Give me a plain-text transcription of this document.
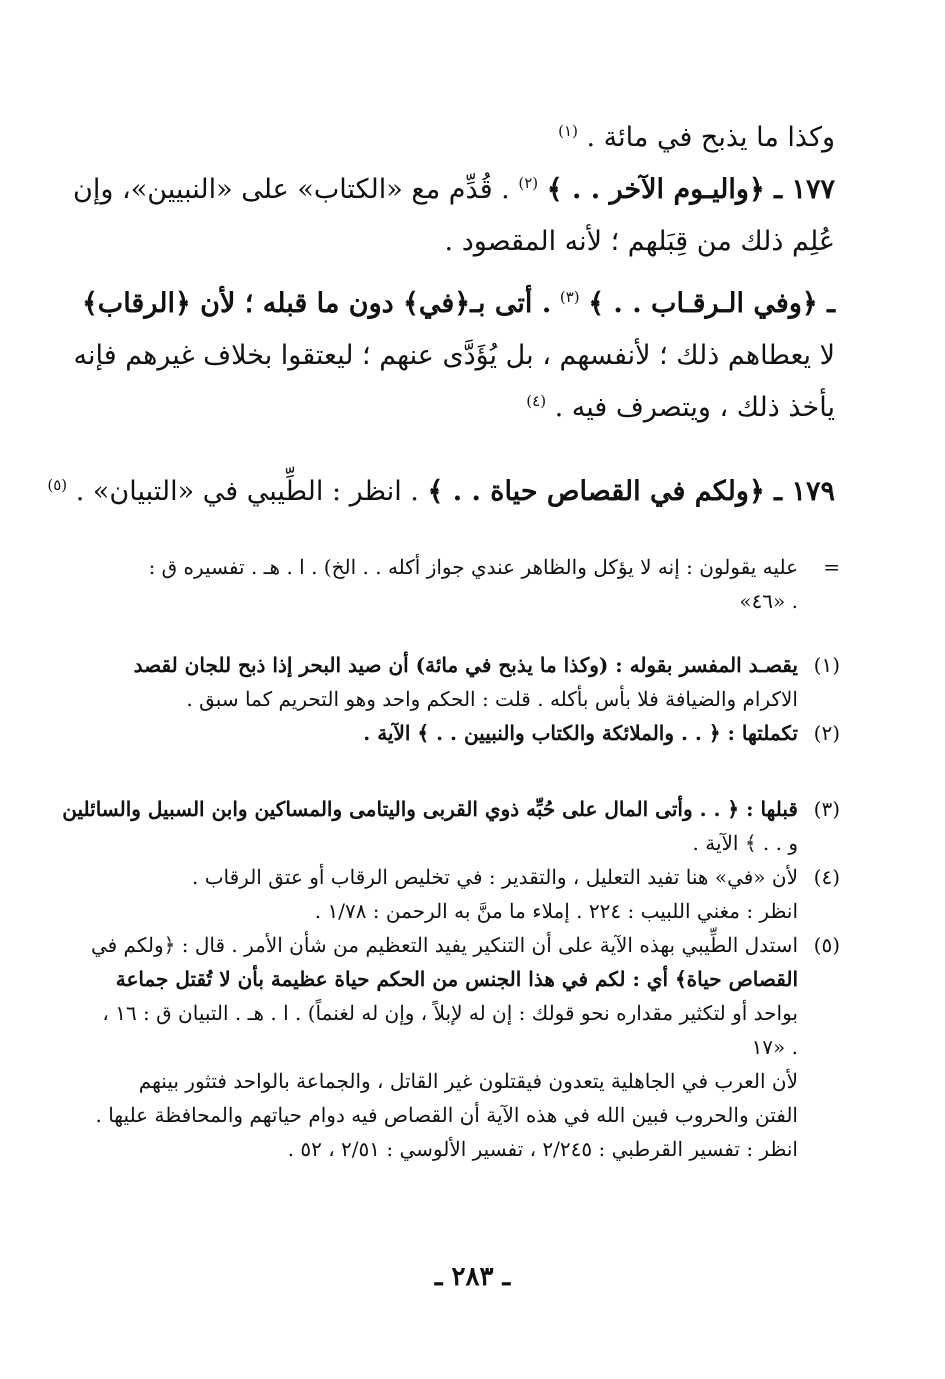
وكذا ما يذبح في مائة . $^{(١)}$
١٧٧ ـ ﴿واليـوم الآخر . . ﴾ $^{(٢)}$ . قُدِّم مع «الكتاب» على «النبيين»، وإن
عُلِم ذلك من قِبَلهم ؛ لأنه المقصود .
ـ ﴿وفي الـرقـاب . . ﴾ $^{(٣)}$ . أتى بـ﴿في﴾ دون ما قبله ؛ لأن ﴿الرقاب﴾
لا يعطاهم ذلك ؛ لأنفسهم ، بل يُؤَدَّى عنهم ؛ ليعتقوا بخلاف غيرهم فإنه
يأخذ ذلك ، ويتصرف فيه . $^{(٤)}$
١٧٩ ـ ﴿ولكم في القصاص حياة . . ﴾ . انظر : الطِّيبي في «التبيان» . $^{(٥)}$
=
عليه يقولون : إنه لا يؤكل والظاهر عندي جواز أكله . . الخ) . ا . هـ . تفسيره ق :
. «٤٦»
(١)
يقصـد المفسر بقوله : (وكذا ما يذبح في مائة) أن صيد البحر إذا ذبح للجان لقصد
الاكرام والضيافة فلا بأس بأكله . قلت : الحكم واحد وهو التحريم كما سبق .
(٢)
تكملتها : ﴿ . . والملائكة والكتاب والنبيين . . ﴾ الآية .
(٣)
قبلها : ﴿ . . وأتى المال على حُبِّه ذوي القربى واليتامى والمساكين وابن السبيل والسائلين
و . . ﴾ الآية .
(٤)
لأن «في» هنا تفيد التعليل ، والتقدير : في تخليص الرقاب أو عتق الرقاب .
انظر : مغني اللبيب : ٢٢٤ . إملاء ما منَّ به الرحمن : ١/٧٨ .
(٥)
استدل الطِّيبي بهذه الآية على أن التنكير يفيد التعظيم من شأن الأمر . قال : ﴿ولكم في
القصاص حياة﴾ أي : لكم في هذا الجنس من الحكم حياة عظيمة بأن لا تُقتل جماعة
بواحد أو لتكثير مقداره نحو قولك : إن له لإبلاً ، وإن له لغنماً) . ا . هـ . التبيان ق : ١٦ ،
. «١٧
لأن العرب في الجاهلية يتعدون فيقتلون غير القاتل ، والجماعة بالواحد فتثور بينهم
الفتن والحروب فبين الله في هذه الآية أن القصاص فيه دوام حياتهم والمحافظة عليها .
انظر : تفسير القرطبي : ٢/٢٤٥ ، تفسير الألوسي : ٢/٥١ ، ٥٢ .
ـ ٢٨٣ ـ
